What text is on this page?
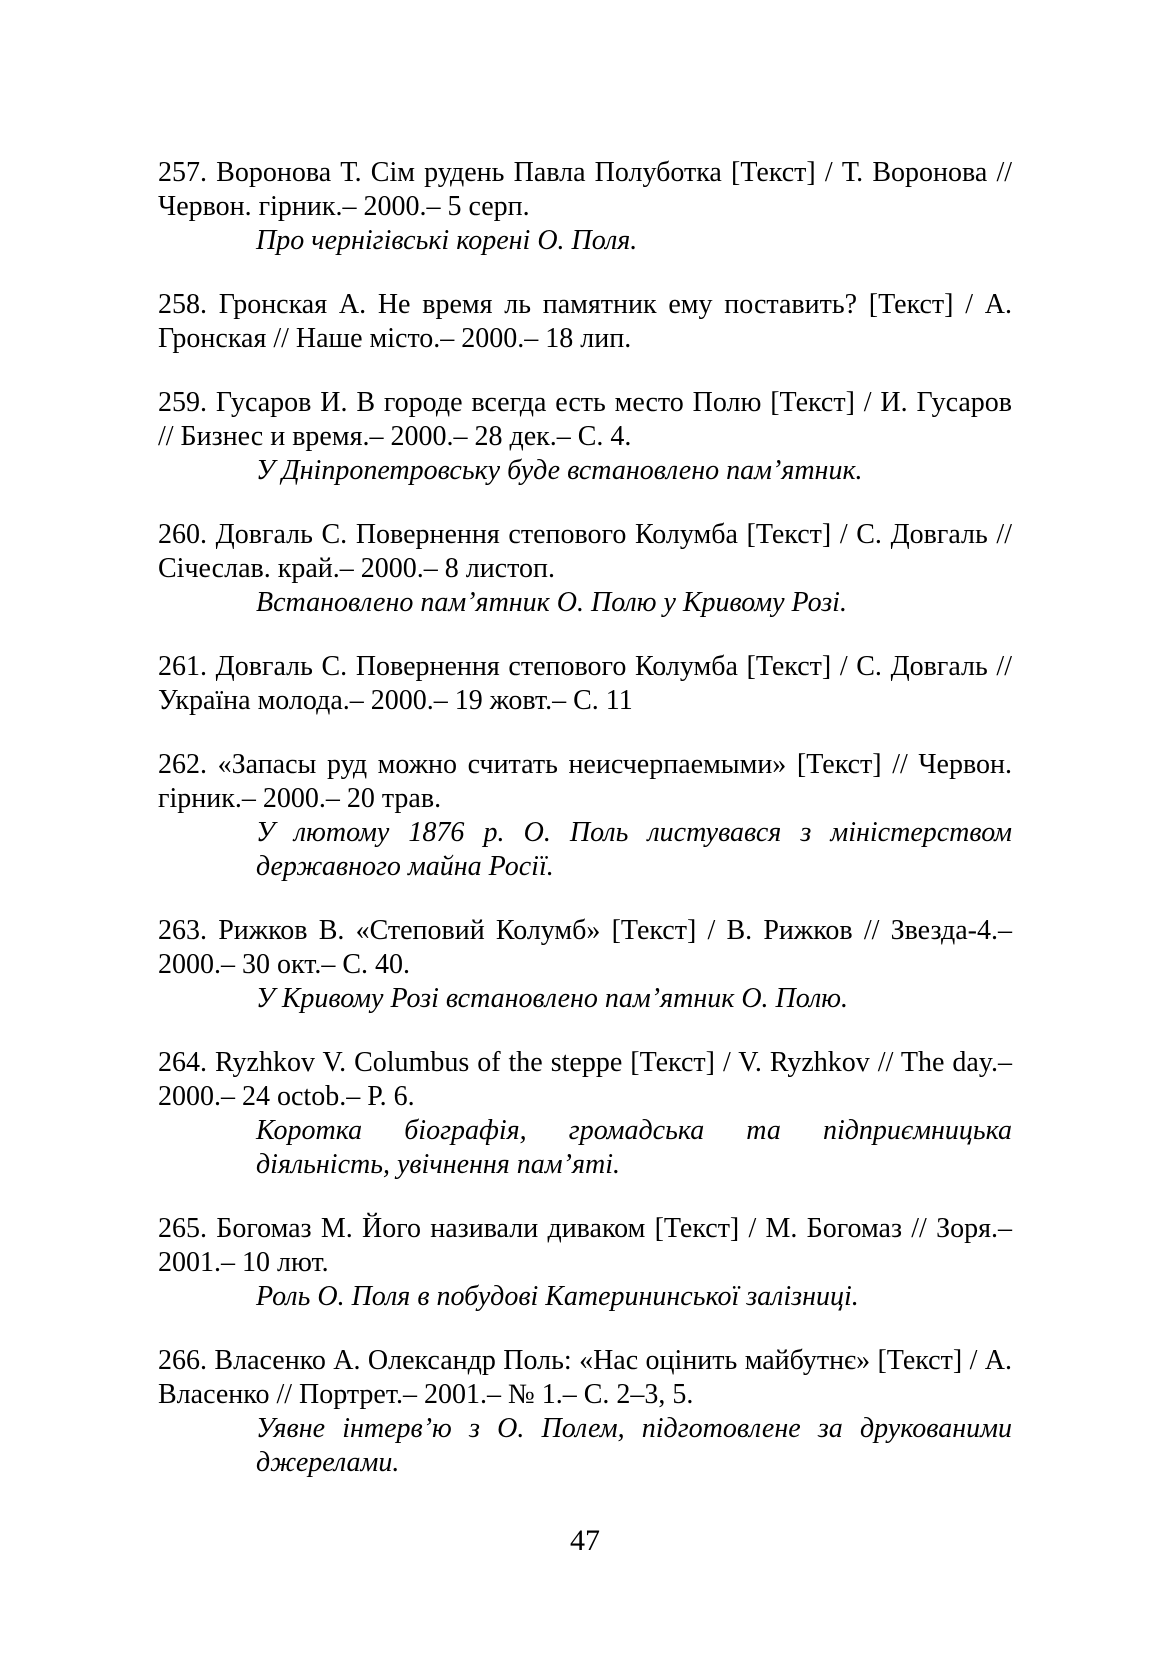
257. Воронова Т. Сім рудень Павла Полуботка [Текст] / Т. Воронова // Червон. гірник.– 2000.– 5 серп.

Про чернігівські корені О. Поля.

258. Гронская А. Не время ль памятник ему поставить? [Текст] / А. Гронская // Наше місто.– 2000.– 18 лип.

259. Гусаров И. В городе всегда есть место Полю [Текст] / И. Гусаров // Бизнес и время.– 2000.– 28 дек.– С. 4.

У Дніпропетровську буде встановлено пам’ятник.

260. Довгаль С. Повернення степового Колумба [Текст] / С. Довгаль // Січеслав. край.– 2000.– 8 листоп.

Встановлено пам’ятник О. Полю у Кривому Розі.

261. Довгаль С. Повернення степового Колумба [Текст] / С. Довгаль // Україна молода.– 2000.– 19 жовт.– С. 11

262. «Запасы руд можно считать неисчерпаемыми» [Текст] // Червон. гірник.– 2000.– 20 трав.

У лютому 1876 р. О. Поль листувався з міністерством державного майна Росії.

263. Рижков В. «Степовий Колумб» [Текст] / В. Рижков // Звезда-4.– 2000.– 30 окт.– С. 40.

У Кривому Розі встановлено пам’ятник О. Полю.

264. Ryzhkov V. Columbus of the steppe [Текст] / V. Ryzhkov // The day.– 2000.– 24 octob.– P. 6.

Коротка біографія, громадська та підприємницька діяльність, увічнення пам’яті.

265. Богомаз М. Його називали диваком [Текст] / М. Богомаз // Зоря.– 2001.– 10 лют.

Роль О. Поля в побудові Катерининської залізниці.

266. Власенко А. Олександр Поль: «Нас оцінить майбутнє» [Текст] / А. Власенко // Портрет.– 2001.– № 1.– С. 2–3, 5.

Уявне інтерв’ю з О. Полем, підготовлене за друкованими джерелами.

47
